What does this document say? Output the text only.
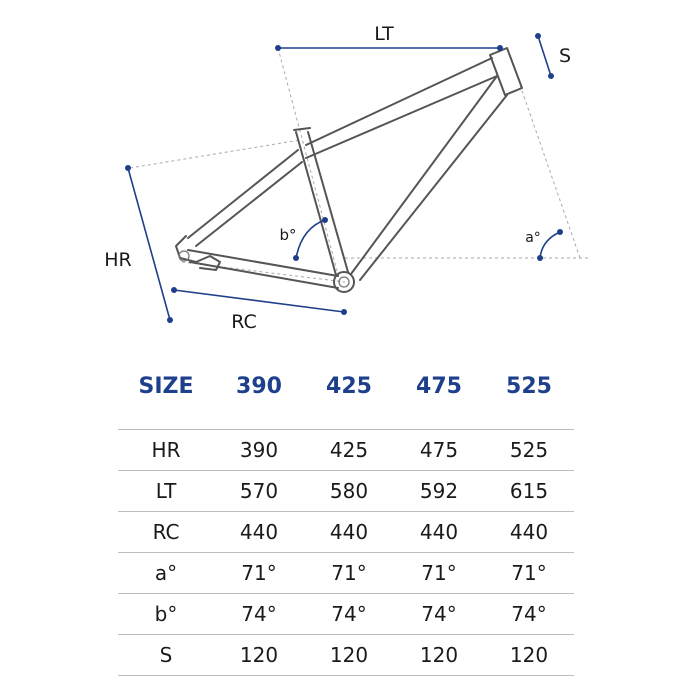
LT
S
HR
RC
b°	a°
SIZE	390	425	475	525

HR	390	425	475	525
LT	570	580	592	615
RC	440	440	440	440
a°	71°	71°	71°	71°
b°	74°	74°	74°	74°
S	120	120	120	120
